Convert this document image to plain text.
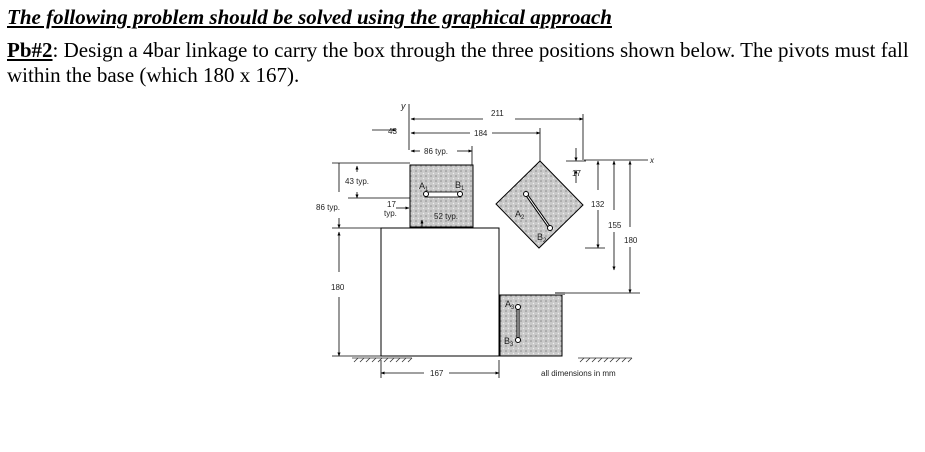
The following problem should be solved using the graphical approach

Pb#2: Design a 4bar linkage to carry the box through the three positions shown below. The pivots must fall within the base (which 180 x 167).

$A_1$	$B_1$
$A_2$
$B_2$
$A_3$
$B_3$
y
x
211
184
43
86 typ.
17
132
155
180
43 typ.
86 typ.	17
typ.	52 typ.
180
167	all dimensions in mm
